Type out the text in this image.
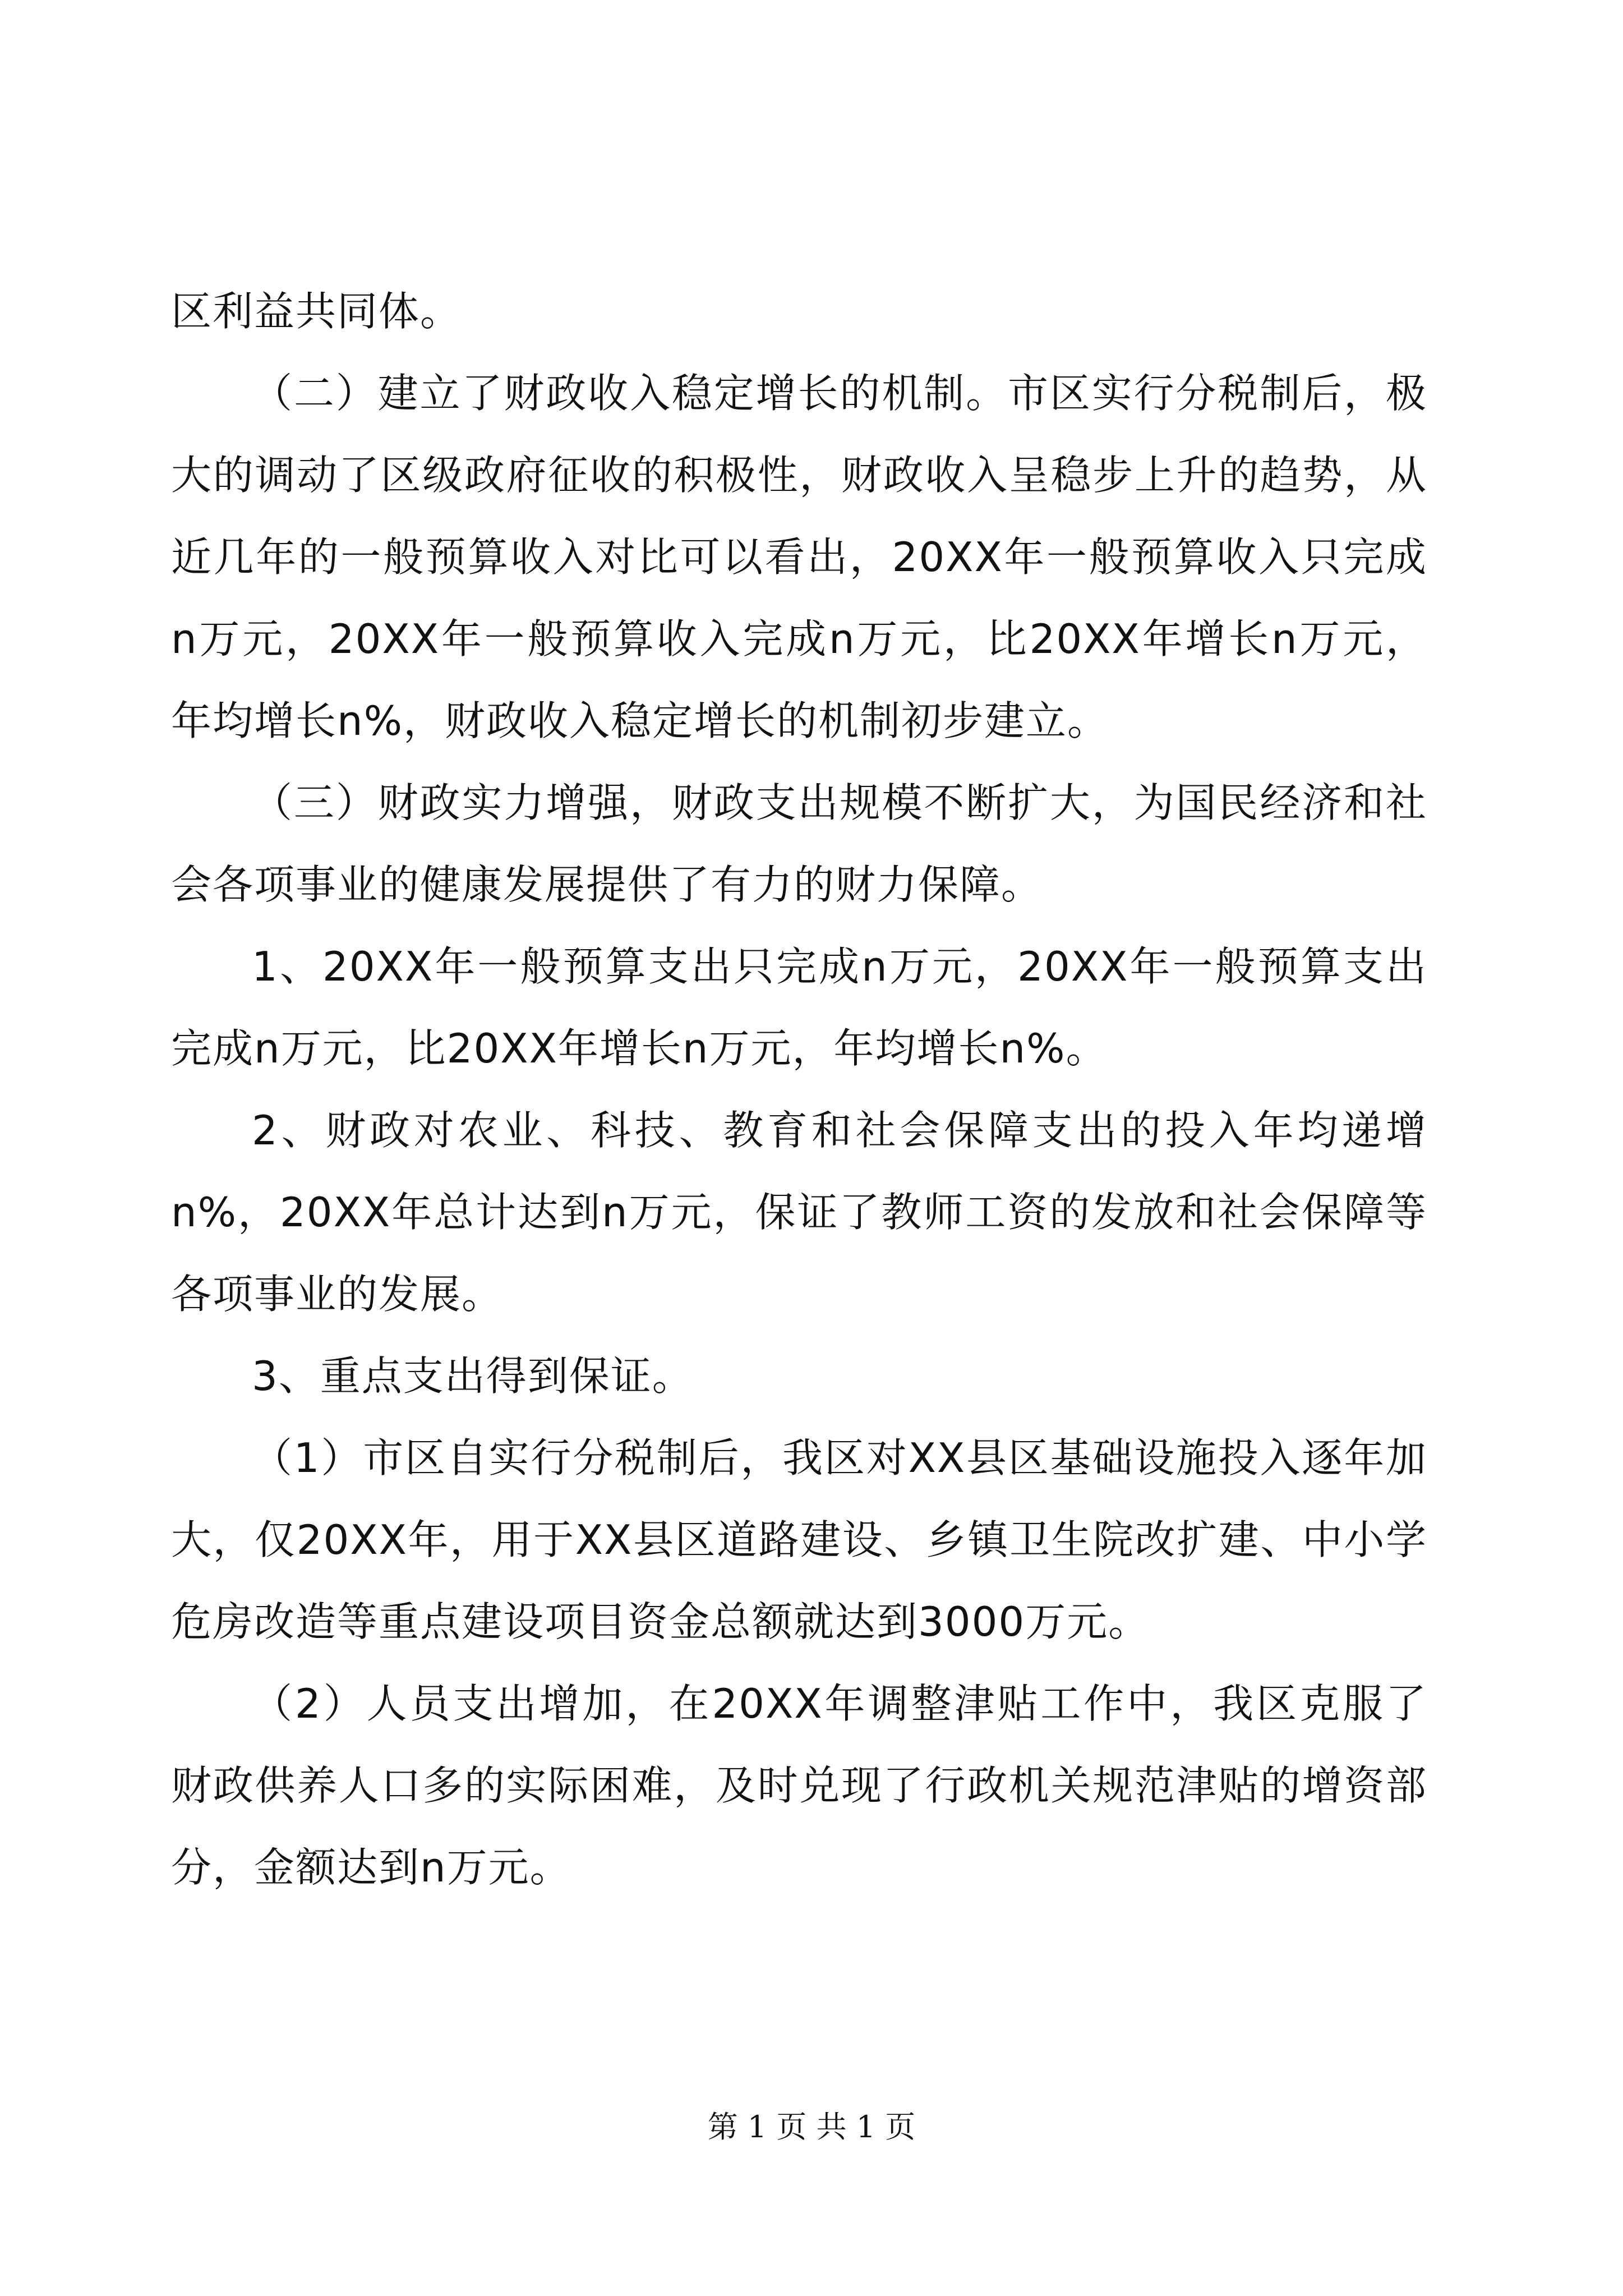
区利益共同体。

（二）建立了财政收入稳定增长的机制。市区实行分税制后，极大的调动了区级政府征收的积极性，财政收入呈稳步上升的趋势，从近几年的一般预算收入对比可以看出，20XX年一般预算收入只完成n万元，20XX年一般预算收入完成n万元，比20XX年增长n万元，年均增长n%，财政收入稳定增长的机制初步建立。

（三）财政实力增强，财政支出规模不断扩大，为国民经济和社会各项事业的健康发展提供了有力的财力保障。

1、20XX年一般预算支出只完成n万元，20XX年一般预算支出完成n万元，比20XX年增长n万元，年均增长n%。

2、财政对农业、科技、教育和社会保障支出的投入年均递增n%，20XX年总计达到n万元，保证了教师工资的发放和社会保障等各项事业的发展。

3、重点支出得到保证。

（1）市区自实行分税制后，我区对XX县区基础设施投入逐年加大，仅20XX年，用于XX县区道路建设、乡镇卫生院改扩建、中小学危房改造等重点建设项目资金总额就达到3000万元。

（2）人员支出增加，在20XX年调整津贴工作中，我区克服了财政供养人口多的实际困难，及时兑现了行政机关规范津贴的增资部分，金额达到n万元。

第 1 页 共 1 页
